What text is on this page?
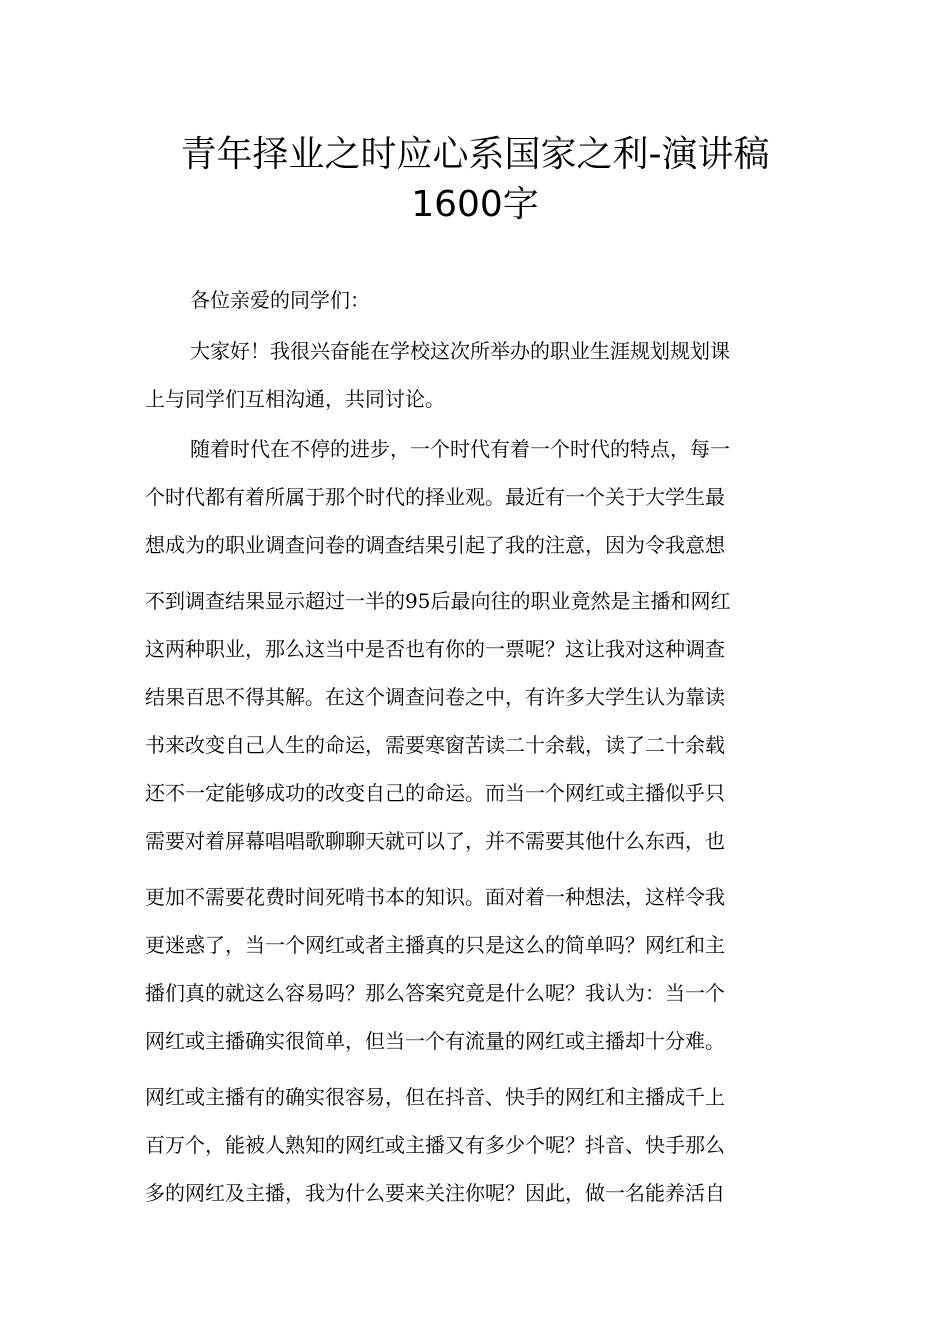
青年择业之时应心系国家之利-演讲稿
1600字

各位亲爱的同学们：

大家好！我很兴奋能在学校这次所举办的职业生涯规划规划课

上与同学们互相沟通，共同讨论。

随着时代在不停的进步，一个时代有着一个时代的特点，每一

个时代都有着所属于那个时代的择业观。最近有一个关于大学生最

想成为的职业调查问卷的调查结果引起了我的注意，因为令我意想

不到调查结果显示超过一半的95后最向往的职业竟然是主播和网红

这两种职业，那么这当中是否也有你的一票呢？这让我对这种调查

结果百思不得其解。在这个调查问卷之中，有许多大学生认为靠读

书来改变自己人生的命运，需要寒窗苦读二十余载，读了二十余载

还不一定能够成功的改变自己的命运。而当一个网红或主播似乎只

需要对着屏幕唱唱歌聊聊天就可以了，并不需要其他什么东西，也

更加不需要花费时间死啃书本的知识。面对着一种想法，这样令我

更迷惑了，当一个网红或者主播真的只是这么的简单吗？网红和主

播们真的就这么容易吗？那么答案究竟是什么呢？我认为：当一个

网红或主播确实很简单，但当一个有流量的网红或主播却十分难。

网红或主播有的确实很容易，但在抖音、快手的网红和主播成千上

百万个，能被人熟知的网红或主播又有多少个呢？抖音、快手那么

多的网红及主播，我为什么要来关注你呢？因此，做一名能养活自
